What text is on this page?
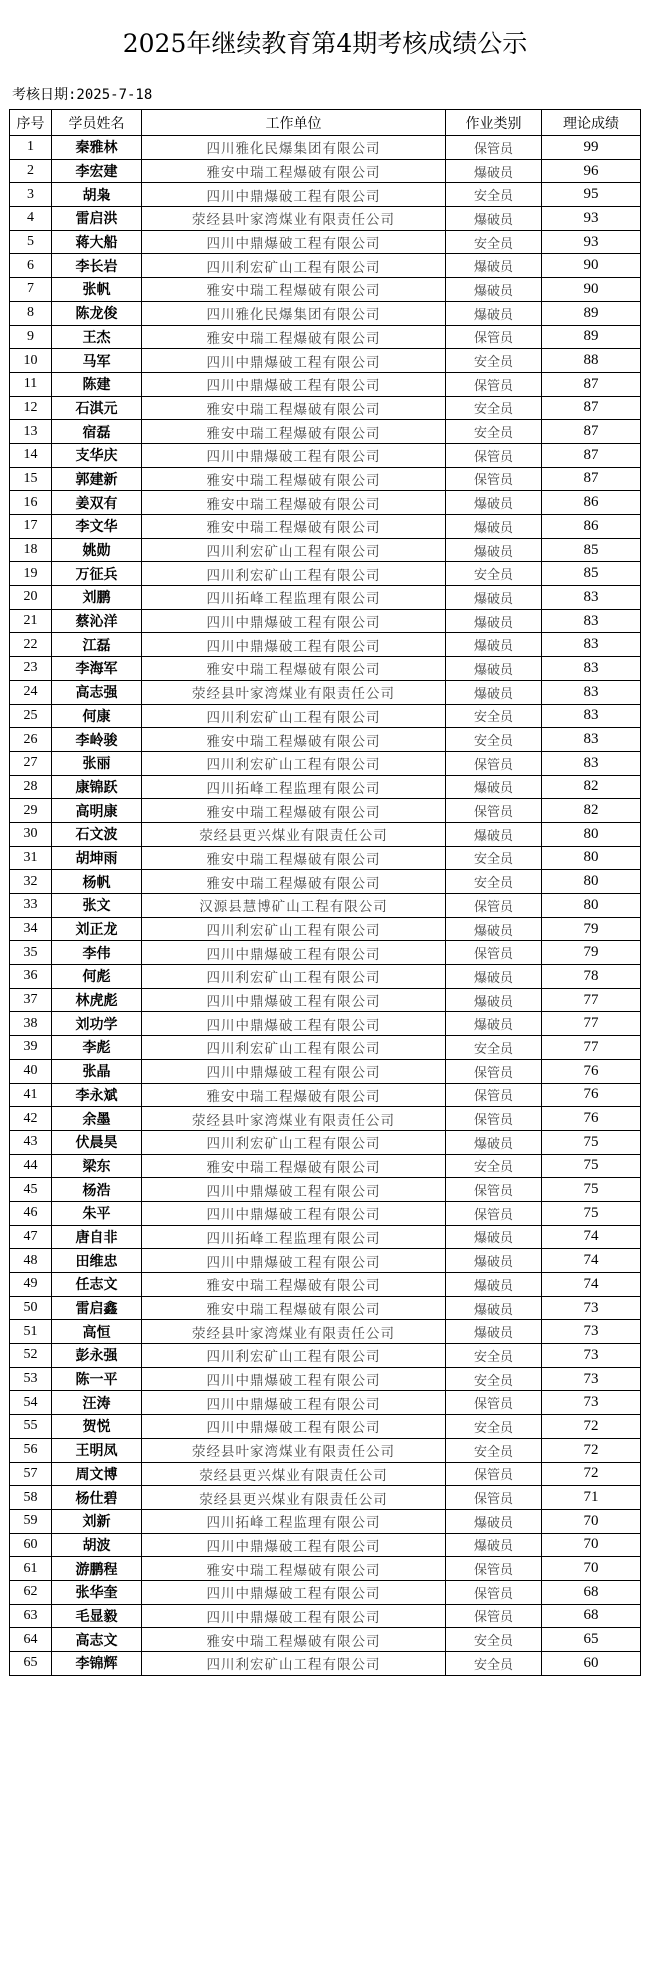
2025年继续教育第4期考核成绩公示
考核日期:2025-7-18
序号	学员姓名	工作单位	作业类别	理论成绩
1	秦雅林	四川雅化民爆集团有限公司	保管员	99
2	李宏建	雅安中瑞工程爆破有限公司	爆破员	96
3	胡枭	四川中鼎爆破工程有限公司	安全员	95
4	雷启洪	荥经县叶家湾煤业有限责任公司	爆破员	93
5	蒋大船	四川中鼎爆破工程有限公司	安全员	93
6	李长岩	四川利宏矿山工程有限公司	爆破员	90
7	张帆	雅安中瑞工程爆破有限公司	爆破员	90
8	陈龙俊	四川雅化民爆集团有限公司	爆破员	89
9	王杰	雅安中瑞工程爆破有限公司	保管员	89
10	马军	四川中鼎爆破工程有限公司	安全员	88
11	陈建	四川中鼎爆破工程有限公司	保管员	87
12	石淇元	雅安中瑞工程爆破有限公司	安全员	87
13	宿磊	雅安中瑞工程爆破有限公司	安全员	87
14	支华庆	四川中鼎爆破工程有限公司	保管员	87
15	郭建新	雅安中瑞工程爆破有限公司	保管员	87
16	姜双有	雅安中瑞工程爆破有限公司	爆破员	86
17	李文华	雅安中瑞工程爆破有限公司	爆破员	86
18	姚勋	四川利宏矿山工程有限公司	爆破员	85
19	万征兵	四川利宏矿山工程有限公司	安全员	85
20	刘鹏	四川拓峰工程监理有限公司	爆破员	83
21	蔡沁洋	四川中鼎爆破工程有限公司	爆破员	83
22	江磊	四川中鼎爆破工程有限公司	爆破员	83
23	李海军	雅安中瑞工程爆破有限公司	爆破员	83
24	高志强	荥经县叶家湾煤业有限责任公司	爆破员	83
25	何康	四川利宏矿山工程有限公司	安全员	83
26	李岭骏	雅安中瑞工程爆破有限公司	安全员	83
27	张丽	四川利宏矿山工程有限公司	保管员	83
28	康锦跃	四川拓峰工程监理有限公司	爆破员	82
29	高明康	雅安中瑞工程爆破有限公司	保管员	82
30	石文波	荥经县更兴煤业有限责任公司	爆破员	80
31	胡坤雨	雅安中瑞工程爆破有限公司	安全员	80
32	杨帆	雅安中瑞工程爆破有限公司	安全员	80
33	张文	汉源县慧博矿山工程有限公司	保管员	80
34	刘正龙	四川利宏矿山工程有限公司	爆破员	79
35	李伟	四川中鼎爆破工程有限公司	保管员	79
36	何彪	四川利宏矿山工程有限公司	爆破员	78
37	林虎彪	四川中鼎爆破工程有限公司	爆破员	77
38	刘功学	四川中鼎爆破工程有限公司	爆破员	77
39	李彪	四川利宏矿山工程有限公司	安全员	77
40	张晶	四川中鼎爆破工程有限公司	保管员	76
41	李永斌	雅安中瑞工程爆破有限公司	保管员	76
42	余墨	荥经县叶家湾煤业有限责任公司	保管员	76
43	伏晨昊	四川利宏矿山工程有限公司	爆破员	75
44	梁东	雅安中瑞工程爆破有限公司	安全员	75
45	杨浩	四川中鼎爆破工程有限公司	保管员	75
46	朱平	四川中鼎爆破工程有限公司	保管员	75
47	唐自非	四川拓峰工程监理有限公司	爆破员	74
48	田维忠	四川中鼎爆破工程有限公司	爆破员	74
49	任志文	雅安中瑞工程爆破有限公司	爆破员	74
50	雷启鑫	雅安中瑞工程爆破有限公司	爆破员	73
51	高恒	荥经县叶家湾煤业有限责任公司	爆破员	73
52	彭永强	四川利宏矿山工程有限公司	安全员	73
53	陈一平	四川中鼎爆破工程有限公司	安全员	73
54	汪涛	四川中鼎爆破工程有限公司	保管员	73
55	贺悦	四川中鼎爆破工程有限公司	安全员	72
56	王明凤	荥经县叶家湾煤业有限责任公司	安全员	72
57	周文博	荥经县更兴煤业有限责任公司	保管员	72
58	杨仕碧	荥经县更兴煤业有限责任公司	保管员	71
59	刘新	四川拓峰工程监理有限公司	爆破员	70
60	胡波	四川中鼎爆破工程有限公司	爆破员	70
61	游鹏程	雅安中瑞工程爆破有限公司	保管员	70
62	张华奎	四川中鼎爆破工程有限公司	保管员	68
63	毛显毅	四川中鼎爆破工程有限公司	保管员	68
64	高志文	雅安中瑞工程爆破有限公司	安全员	65
65	李锦辉	四川利宏矿山工程有限公司	安全员	60
